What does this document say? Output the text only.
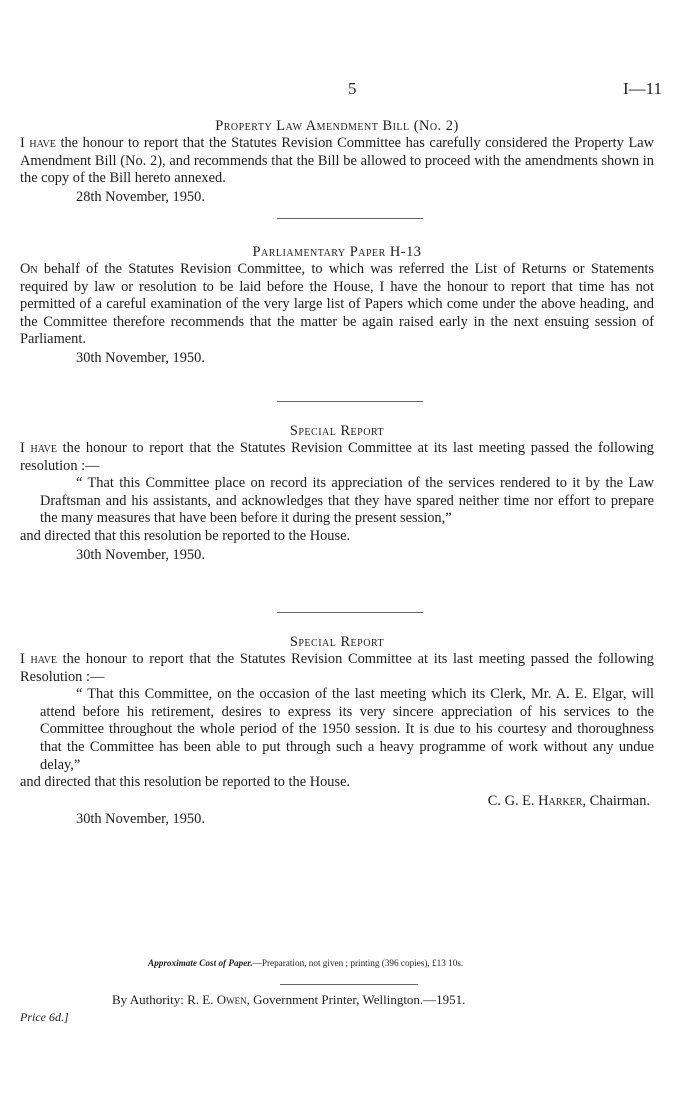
5	I—11

Property Law Amendment Bill (No. 2)

I have the honour to report that the Statutes Revision Committee has carefully considered the Property Law Amendment Bill (No. 2), and recommends that the Bill be allowed to proceed with the amendments shown in the copy of the Bill hereto annexed.

28th November, 1950.

Parliamentary Paper H-13

On behalf of the Statutes Revision Committee, to which was referred the List of Returns or Statements required by law or resolution to be laid before the House, I have the honour to report that time has not permitted of a careful examination of the very large list of Papers which come under the above heading, and the Committee therefore recommends that the matter be again raised early in the next ensuing session of Parliament.

30th November, 1950.

Special Report

I have the honour to report that the Statutes Revision Committee at its last meeting passed the following resolution :—

“ That this Committee place on record its appreciation of the services rendered to it by the Law Draftsman and his assistants, and acknowledges that they have spared neither time nor effort to prepare the many measures that have been before it during the present session,”

and directed that this resolution be reported to the House.

30th November, 1950.

Special Report

I have the honour to report that the Statutes Revision Committee at its last meeting passed the following Resolution :—

“ That this Committee, on the occasion of the last meeting which its Clerk, Mr. A. E. Elgar, will attend before his retirement, desires to express its very sincere appreciation of his services to the Committee throughout the whole period of the 1950 session. It is due to his courtesy and thoroughness that the Committee has been able to put through such a heavy programme of work without any undue delay,”

and directed that this resolution be reported to the House.

C. G. E. Harker, Chairman.

30th November, 1950.

Approximate Cost of Paper.—Preparation, not given ; printing (396 copies), £13 10s.
By Authority: R. E. Owen, Government Printer, Wellington.—1951.
Price 6d.]
